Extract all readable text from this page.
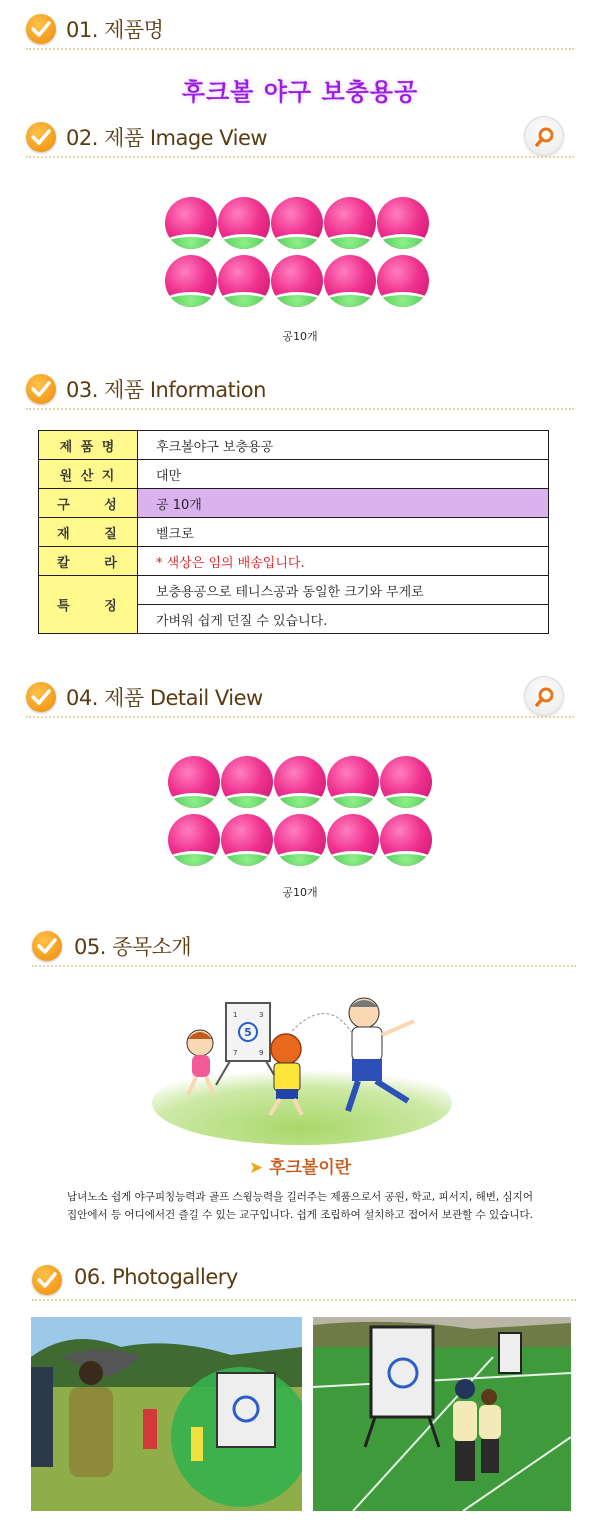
01. 제품명
후크볼 야구 보충용공
02. 제품 Image View
공10개
03. 제품 Information
제 품 명	후크볼야구 보충용공
원 산 지	대만
구     성	공 10개
재     질	벨크로
칼     라	* 색상은 임의 배송입니다.
특     징	보충용공으로 테니스공과 동일한 크기와 무게로
	가벼워 쉽게 던질 수 있습니다.
04. 제품 Detail View
공10개
05. 종목소개
5
1	3
7	9
➤ 후크볼이란
남녀노소 쉽게 야구피칭능력과 골프 스윙능력을 길러주는 제품으로서 공원, 학교, 피서지, 해변, 심지어
집안에서 등 어디에서건 즐길 수 있는 교구입니다. 쉽게 조립하여 설치하고 접어서 보관할 수 있습니다.
06. Photogallery
